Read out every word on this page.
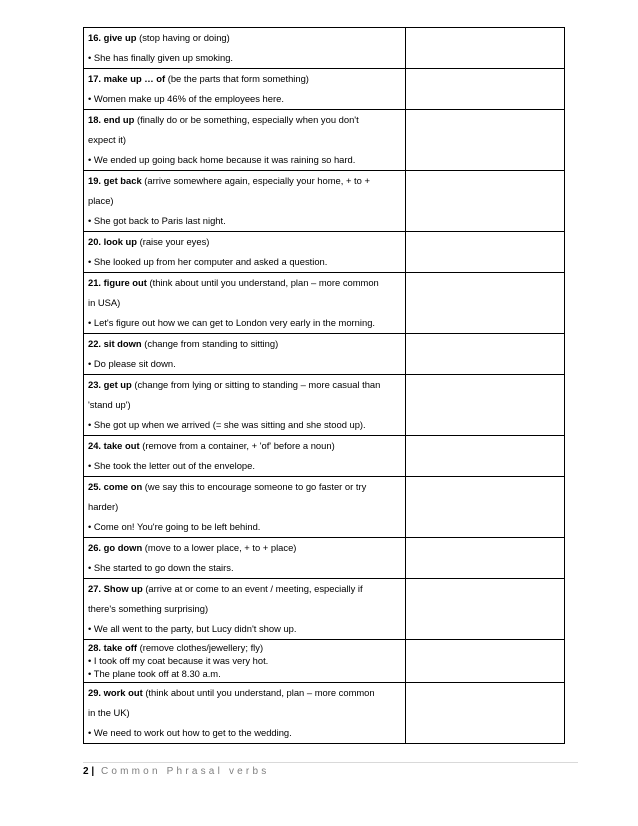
16. give up (stop having or doing)
• She has finally given up smoking.	

17. make up … of (be the parts that form something)
• Women make up 46% of the employees here.	

18. end up (finally do or be something, especially when you don't
expect it)
• We ended up going back home because it was raining so hard.	

19. get back (arrive somewhere again, especially your home, + to +
place)
• She got back to Paris last night.	

20. look up (raise your eyes)
• She looked up from her computer and asked a question.	

21. figure out (think about until you understand, plan – more common
in USA)
• Let's figure out how we can get to London very early in the morning.	

22. sit down (change from standing to sitting)
• Do please sit down.	

23. get up (change from lying or sitting to standing – more casual than
'stand up')
• She got up when we arrived (= she was sitting and she stood up).	

24. take out (remove from a container, + 'of' before a noun)
• She took the letter out of the envelope.	

25. come on (we say this to encourage someone to go faster or try
harder)
• Come on! You're going to be left behind.	

26. go down (move to a lower place, + to + place)
• She started to go down the stairs.	

27. Show up (arrive at or come to an event / meeting, especially if
there's something surprising)
• We all went to the party, but Lucy didn't show up.	

28. take off (remove clothes/jewellery; fly)
• I took off my coat because it was very hot.
• The plane took off at 8.30 a.m.	

29. work out (think about until you understand, plan – more common
in the UK)
• We need to work out how to get to the wedding.	

2 | Common Phrasal verbs
